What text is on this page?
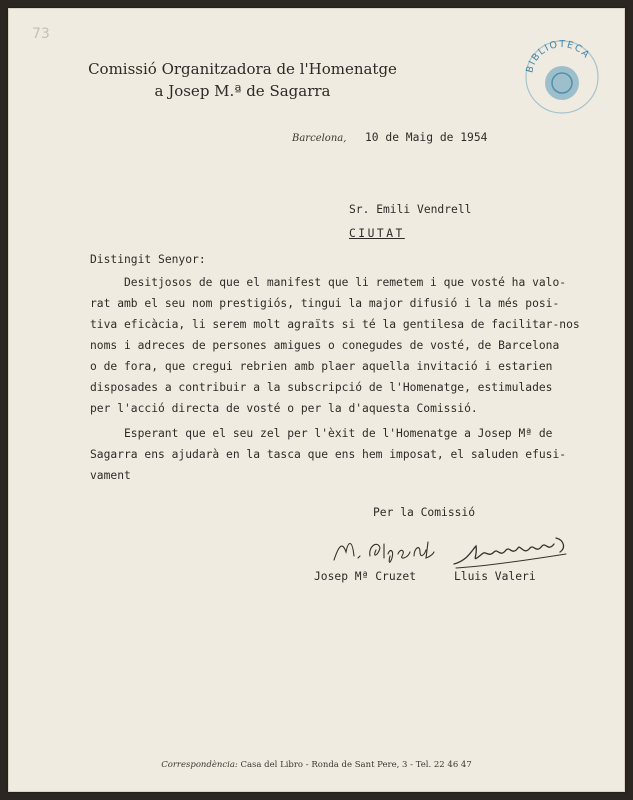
73
Comissió Organitzadora de l'Homenatge
a Josep M.ª de Sagarra
BIBLIOTECA
Barcelona, 10 de Maig de 1954
Sr. Emili Vendrell
CIUTAT
Distingit Senyor:
Desitjosos de que el manifest que li remetem i que vosté ha valo-
rat amb el seu nom prestigiós, tingui la major difusió i la més posi-
tiva eficàcia, li serem molt agraïts si té la gentilesa de facilitar-nos
noms i adreces de persones amigues o conegudes de vosté, de Barcelona
o de fora, que cregui rebrien amb plaer aquella invitació i estarien
disposades a contribuir a la subscripció de l'Homenatge, estimulades
per l'acció directa de vosté o per la d'aquesta Comissió.
Esperant que el seu zel per l'èxit de l'Homenatge a Josep Mª de
Sagarra ens ajudarà en la tasca que ens hem imposat, el saluden efusi-
vament
Per la Comissió
Josep Mª Cruzet	Lluis Valeri
Correspondència: Casa del Libro - Ronda de Sant Pere, 3 - Tel. 22 46 47
